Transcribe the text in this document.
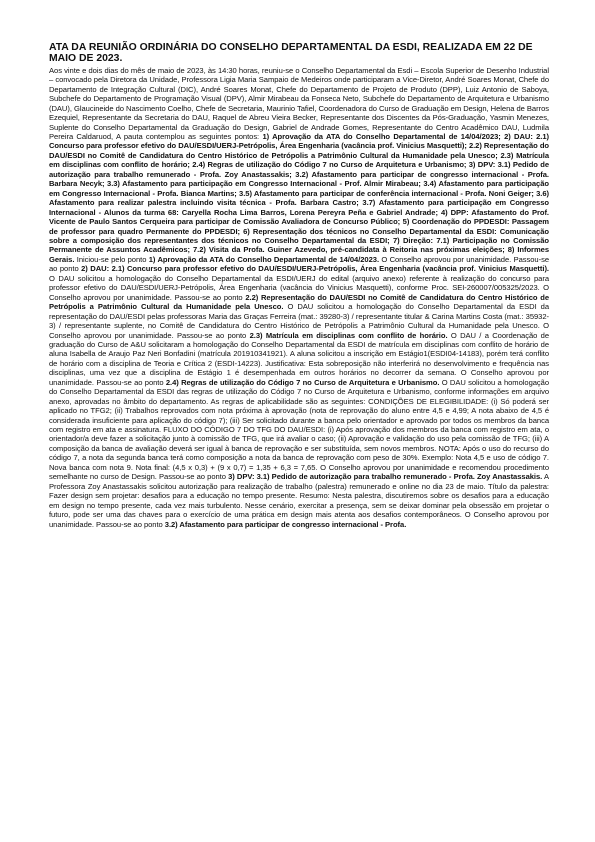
ATA DA REUNIÃO ORDINÁRIA DO CONSELHO DEPARTAMENTAL DA ESDI, REALIZADA EM 22 DE MAIO DE 2023.

Aos vinte e dois dias do mês de maio de 2023, às 14:30 horas, reuniu-se o Conselho Departamental da Esdi – Escola Superior de Desenho Industrial – convocado pela Diretora da Unidade, Professora Ligia Maria Sampaio de Medeiros onde participaram a Vice-Diretor, André Soares Monat, Chefe do Departamento de Integração Cultural (DIC), André Soares Monat, Chefe do Departamento de Projeto de Produto (DPP), Luiz Antonio de Saboya, Subchefe do Departamento de Programação Visual (DPV), Almir Mirabeau da Fonseca Neto, Subchefe do Departamento de Arquitetura e Urbanismo (DAU), Glaucineide do Nascimento Coelho, Chefe de Secretaria, Maurinio Tafiel, Coordenadora do Curso de Graduação em Design, Helena de Barros Ezequiel, Representante da Secretaria do DAU, Raquel de Abreu Vieira Becker, Representante dos Discentes da Pós-Graduação, Yasmin Menezes, Suplente do Conselho Departamental da Graduação do Design, Gabriel de Andrade Gomes, Representante do Centro Acadêmico DAU, Ludmila Pereira Caldaruod, A pauta contemplou as seguintes pontos: 1) Aprovação da ATA do Conselho Departamental de 14/04/2023; 2) DAU: 2.1) Concurso para professor efetivo do DAU/ESDI/UERJ-Petrópolis, Área Engenharia (vacância prof. Vinicius Masquetti); 2.2) Representação do DAU/ESDI no Comitê de Candidatura do Centro Histórico de Petrópolis a Patrimônio Cultural da Humanidade pela Unesco; 2.3) Matrícula em disciplinas com conflito de horário; 2.4) Regras de utilização do Código 7 no Curso de Arquitetura e Urbanismo; 3) DPV: 3.1) Pedido de autorização para trabalho remunerado - Profa. Zoy Anastassakis; 3.2) Afastamento para participar de congresso internacional - Profa. Barbara Necyk; 3.3) Afastamento para participação em Congresso Internacional - Prof. Almir Mirabeau; 3.4) Afastamento para participação em Congresso Internacional - Profa. Bianca Martins; 3.5) Afastamento para participar de conferência internacional - Profa. Noni Geiger; 3.6) Afastamento para realizar palestra incluindo visita técnica - Profa. Barbara Castro; 3.7) Afastamento para participação em Congresso Internacional - Alunos da turma 68: Caryella Rocha Lima Barros, Lorena Pereyra Peña e Gabriel Andrade; 4) DPP: Afastamento do Prof. Vicente de Paulo Santos Cerqueira para participar de Comissão Avaliadora de Concurso Público; 5) Coordenação do PPDESDI: Passagem de professor para quadro Permanente do PPDESDI; 6) Representação dos técnicos no Conselho Departamental da ESDI: Comunicação sobre a composição dos representantes dos técnicos no Conselho Departamental da ESDI; 7) Direção: 7.1) Participação no Comissão Permanente de Assuntos Acadêmicos; 7.2) Visita da Profa. Guiner Azevedo, pré-candidata à Reitoria nas próximas eleições; 8) Informes Gerais. Iniciou-se pelo ponto 1) Aprovação da ATA do Conselho Departamental de 14/04/2023. O Conselho aprovou por unanimidade. Passou-se ao ponto 2) DAU: 2.1) Concurso para professor efetivo do DAU/ESDI/UERJ-Petrópolis, Área Engenharia (vacância prof. Vinicius Masquetti). O DAU solicitou a homologação do Conselho Departamental da ESDI/UERJ do edital (arquivo anexo) referente à realização do concurso para professor efetivo do DAU/ESDI/UERJ-Petrópolis, Área Engenharia (vacância do Vinicius Masquetti), conforme Proc. SEI-260007/005325/2023. O Conselho aprovou por unanimidade. Passou-se ao ponto 2.2) Representação do DAU/ESDI no Comitê de Candidatura do Centro Histórico de Petrópolis a Patrimônio Cultural da Humanidade pela Unesco. O DAU solicitou a homologação do Conselho Departamental da ESDI da representação do DAU/ESDI pelas professoras Maria das Graças Ferreira (mat.: 39280-3) / representante titular & Carina Martins Costa (mat.: 35932-3) / representante suplente, no Comitê de Candidatura do Centro Histórico de Petrópolis a Patrimônio Cultural da Humanidade pela Unesco. O Conselho aprovou por unanimidade. Passou-se ao ponto 2.3) Matrícula em disciplinas com conflito de horário. O DAU / a Coordenação de graduação do Curso de A&U solicitaram a homologação do Conselho Departamental da ESDI de matrícula em disciplinas com conflito de horário de aluna Isabella de Araujo Paz Neri Bonfadini (matrícula 201910341921). A aluna solicitou a inscrição em Estágio1(ESDI04-14183), porém terá conflito de horário com a disciplina de Teoria e Crítica 2 (ESDI-14223). Justificativa: Esta sobreposição não interferirá no desenvolvimento e frequência nas disciplinas, uma vez que a disciplina de Estágio 1 é desempenhada em outros horários no decorrer da semana. O Conselho aprovou por unanimidade. Passou-se ao ponto 2.4) Regras de utilização do Código 7 no Curso de Arquitetura e Urbanismo. O DAU solicitou a homologação do Conselho Departamental da ESDI das regras de utilização do Código 7 no Curso de Arquitetura e Urbanismo, conforme informações em arquivo anexo, aprovadas no âmbito do departamento. As regras de aplicabilidade são as seguintes: CONDIÇÕES DE ELEGIBILIDADE: (i) Só poderá ser aplicado no TFG2; (ii) Trabalhos reprovados com nota próxima à aprovação (nota de reprovação do aluno entre 4,5 e 4,99; A nota abaixo de 4,5 é considerada insuficiente para aplicação do código 7); (iii) Ser solicitado durante a banca pelo orientador e aprovado por todos os membros da banca com registro em ata e assinatura. FLUXO DO CÓDIGO 7 DO TFG DO DAU/ESDI: (i) Após aprovação dos membros da banca com registro em ata, o orientador/a deve fazer a solicitação junto à comissão de TFG, que irá avaliar o caso; (ii) Aprovação e validação do uso pela comissão de TFG; (iii) A composição da banca de avaliação deverá ser igual à banca de reprovação e ser substituída, sem novos membros. NOTA: Após o uso do recurso do código 7, a nota da segunda banca terá como composição a nota da banca de reprovação com peso de 30%. Exemplo: Nota 4,5 e uso de código 7. Nova banca com nota 9. Nota final: (4,5 x 0,3) + (9 x 0,7) = 1,35 + 6,3 = 7,65. O Conselho aprovou por unanimidade e recomendou procedimento semelhante no curso de Design. Passou-se ao ponto 3) DPV: 3.1) Pedido de autorização para trabalho remunerado - Profa. Zoy Anastassakis. A Professora Zoy Anastassakis solicitou autorização para realização de trabalho (palestra) remunerado e online no dia 23 de maio. Título da palestra: Fazer design sem projetar: desafios para a educação no tempo presente. Resumo: Nesta palestra, discutiremos sobre os desafios para a educação em design no tempo presente, cada vez mais turbulento. Nesse cenário, exercitar a presença, sem se deixar dominar pela obsessão em projetar o futuro, pode ser uma das chaves para o exercício de uma prática em design mais atenta aos desafios contemporâneos. O Conselho aprovou por unanimidade. Passou-se ao ponto 3.2) Afastamento para participar de congresso internacional - Profa.
